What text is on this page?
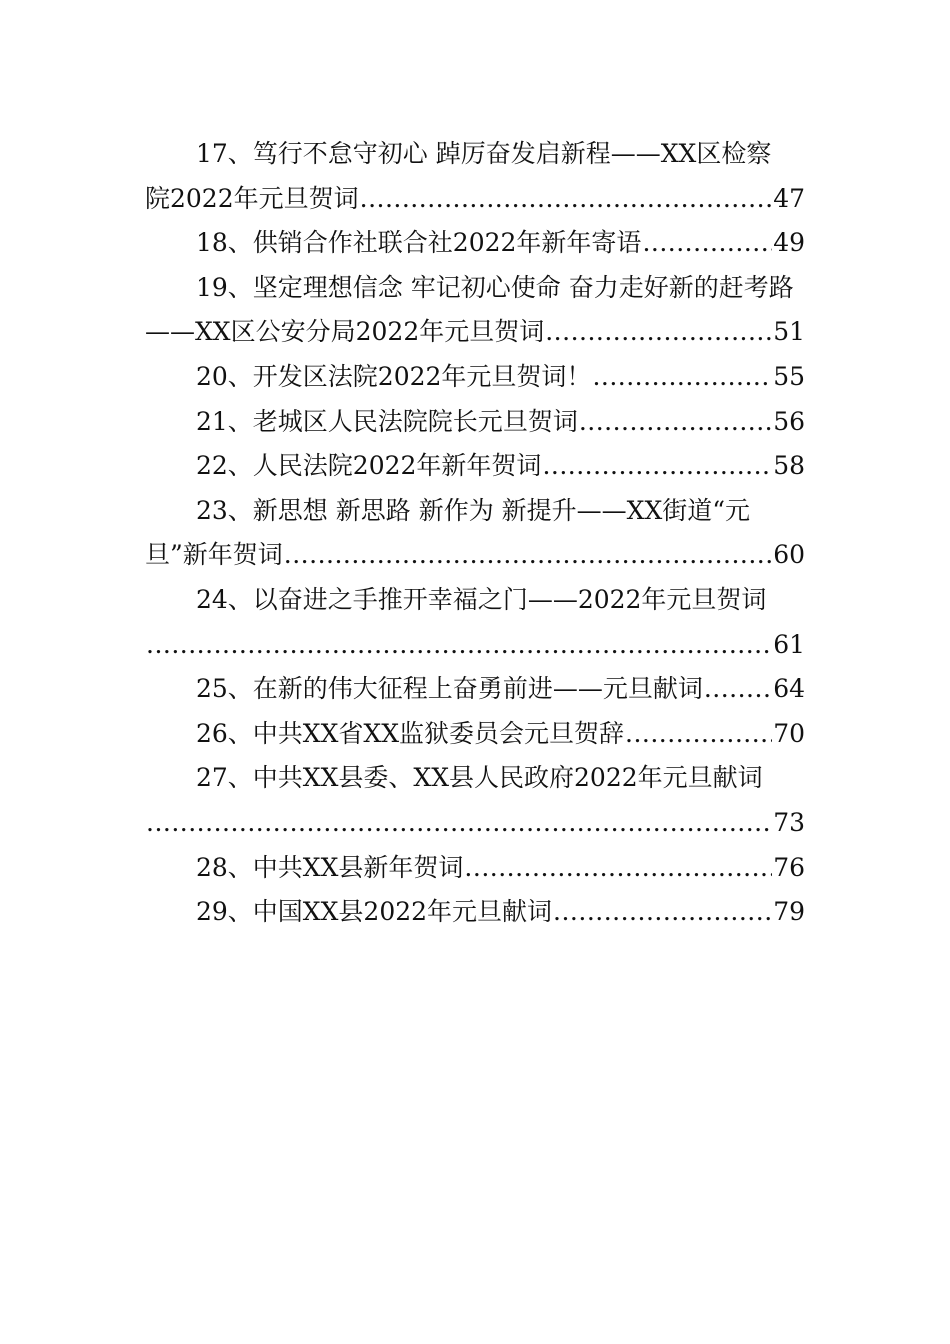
17、笃行不怠守初心 踔厉奋发启新程——XX区检察
院2022年元旦贺词 .....	47
18、供销合作社联合社2022年新年寄语 .....	49
19、坚定理想信念 牢记初心使命 奋力走好新的赶考路
——XX区公安分局2022年元旦贺词 .....	51
20、开发区法院2022年元旦贺词！ .....	55
21、老城区人民法院院长元旦贺词 .....	56
22、人民法院2022年新年贺词 .....	58
23、新思想 新思路 新作为 新提升——XX街道“元
旦”新年贺词 .....	60
24、以奋进之手推开幸福之门——2022年元旦贺词
.....
61
25、在新的伟大征程上奋勇前进——元旦献词 .....	64
26、中共XX省XX监狱委员会元旦贺辞 .....	70
27、中共XX县委、XX县人民政府2022年元旦献词
.....
73
28、中共XX县新年贺词 .....	76
29、中国XX县2022年元旦献词 .....	79
